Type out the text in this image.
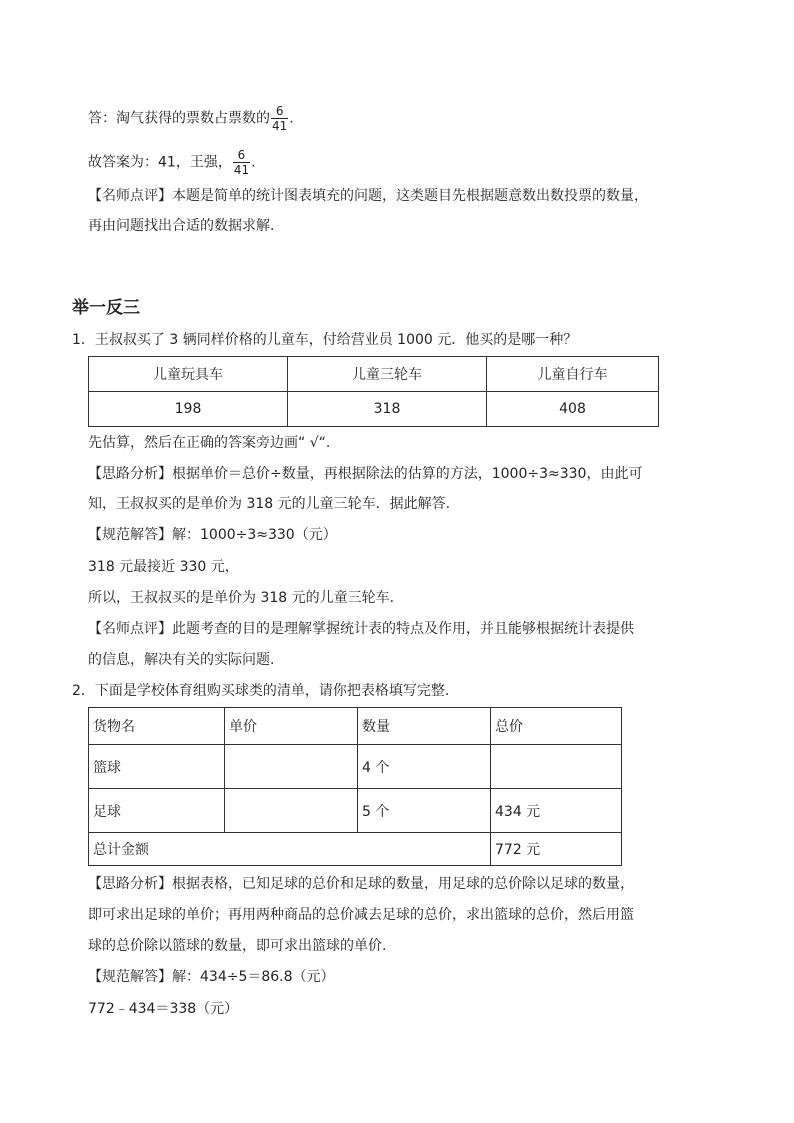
答：淘气获得的票数占票数的 $\frac{6}{41}$ .
故答案为：41，王强， $\frac{6}{41}$ .
【名师点评】本题是简单的统计图表填充的问题，这类题目先根据题意数出数投票的数量，
再由问题找出合适的数据求解.
举一反三
1．王叔叔买了 3 辆同样价格的儿童车，付给营业员 1000 元．他买的是哪一种？
儿童玩具车	儿童三轮车	儿童自行车
198	318	408
先估算，然后在正确的答案旁边画“ √“.
【思路分析】根据单价＝总价÷数量，再根据除法的估算的方法，1000÷3≈330，由此可
知，王叔叔买的是单价为 318 元的儿童三轮车．据此解答.
【规范解答】解：1000÷3≈330（元）
318 元最接近 330 元，
所以，王叔叔买的是单价为 318 元的儿童三轮车.
【名师点评】此题考查的目的是理解掌握统计表的特点及作用，并且能够根据统计表提供
的信息，解决有关的实际问题.
2．下面是学校体育组购买球类的清单，请你把表格填写完整.
货物名	单价	数量	总价
篮球		4 个	
足球		5 个	434 元
总计金额			772 元
【思路分析】根据表格，已知足球的总价和足球的数量，用足球的总价除以足球的数量，
即可求出足球的单价；再用两种商品的总价减去足球的总价，求出篮球的总价，然后用篮
球的总价除以篮球的数量，即可求出篮球的单价.
【规范解答】解：434÷5＝86.8（元）
772﹣434＝338（元）
